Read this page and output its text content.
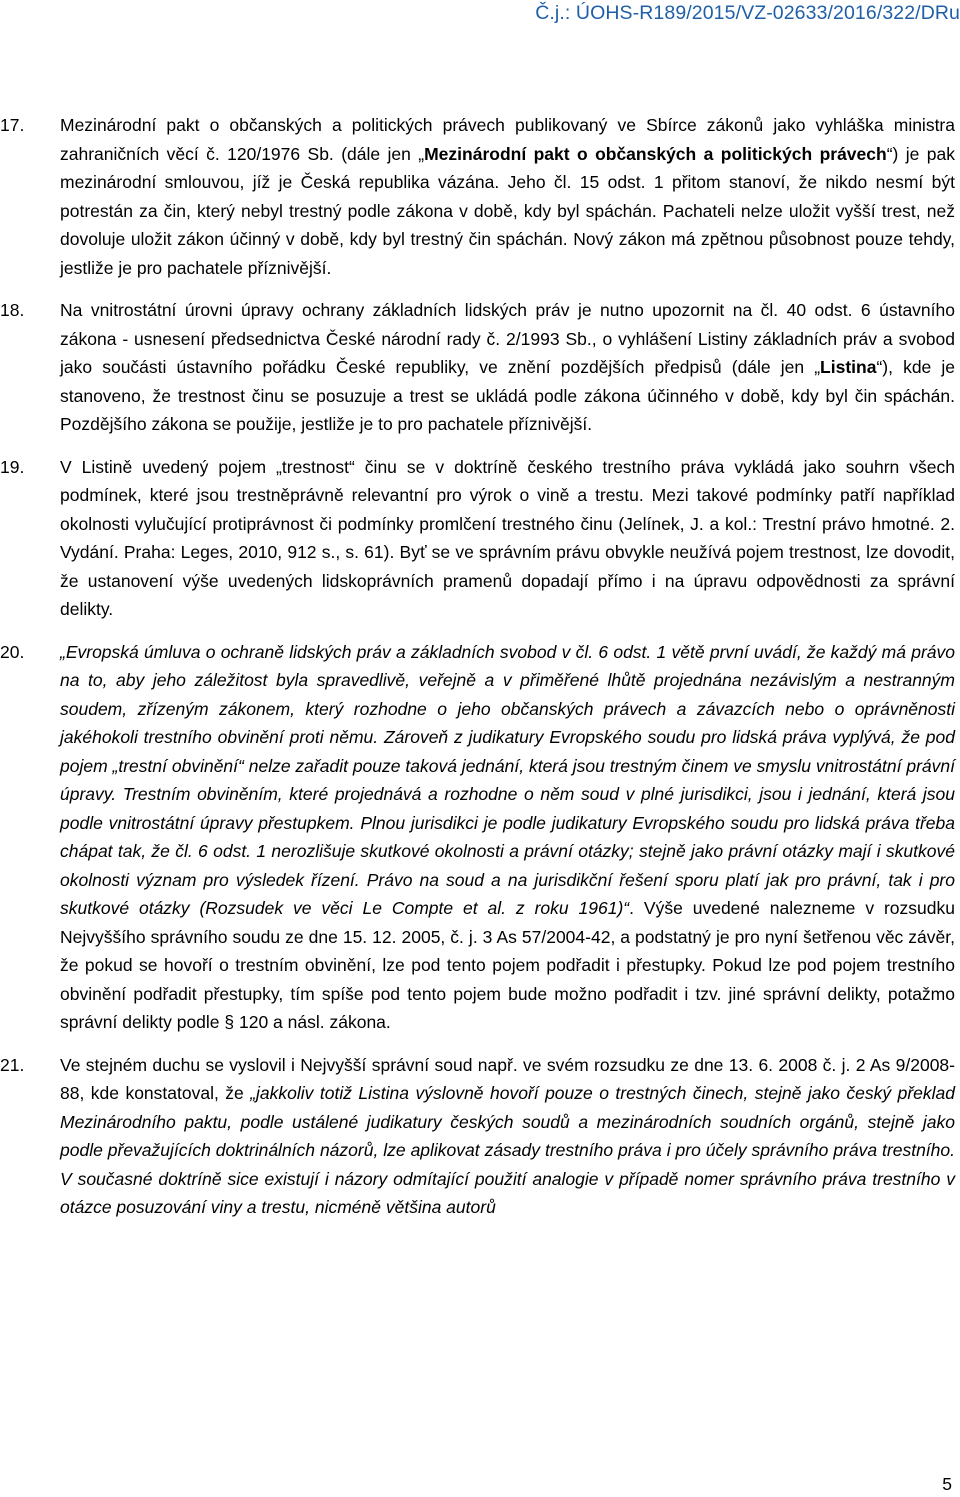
Č.j.: ÚOHS-R189/2015/VZ-02633/2016/322/DRu
17. Mezinárodní pakt o občanských a politických právech publikovaný ve Sbírce zákonů jako vyhláška ministra zahraničních věcí č. 120/1976 Sb. (dále jen „Mezinárodní pakt o občanských a politických právech“) je pak mezinárodní smlouvou, jíž je Česká republika vázána. Jeho čl. 15 odst. 1 přitom stanoví, že nikdo nesmí být potrestán za čin, který nebyl trestný podle zákona v době, kdy byl spáchán. Pachateli nelze uložit vyšší trest, než dovoluje uložit zákon účinný v době, kdy byl trestný čin spáchán. Nový zákon má zpětnou působnost pouze tehdy, jestliže je pro pachatele příznivější.
18. Na vnitrostátní úrovni úpravy ochrany základních lidských práv je nutno upozornit na čl. 40 odst. 6 ústavního zákona - usnesení předsednictva České národní rady č. 2/1993 Sb., o vyhlášení Listiny základních práv a svobod jako součásti ústavního pořádku České republiky, ve znění pozdějších předpisů (dále jen „Listina“), kde je stanoveno, že trestnost činu se posuzuje a trest se ukládá podle zákona účinného v době, kdy byl čin spáchán. Pozdějšího zákona se použije, jestliže je to pro pachatele příznivější.
19. V Listině uvedený pojem „trestnost“ činu se v doktríně českého trestního práva vykládá jako souhrn všech podmínek, které jsou trestněprávně relevantní pro výrok o vině a trestu. Mezi takové podmínky patří například okolnosti vylučující protiprávnost či podmínky promlčení trestného činu (Jelínek, J. a kol.: Trestní právo hmotné. 2. Vydání. Praha: Leges, 2010, 912 s., s. 61). Byť se ve správním právu obvykle neužívá pojem trestnost, lze dovodit, že ustanovení výše uvedených lidskoprávních pramenů dopadají přímo i na úpravu odpovědnosti za správní delikty.
20. „Evropská úmluva o ochraně lidských práv a základních svobod v čl. 6 odst. 1 větě první uvádí, že každý má právo na to, aby jeho záležitost byla spravedlivě, veřejně a v přiměřené lhůtě projednána nezávislým a nestranným soudem, zřízeným zákonem, který rozhodne o jeho občanských právech a závazcích nebo o oprávněnosti jakéhokoli trestního obvinění proti němu. Zároveň z judikatury Evropského soudu pro lidská práva vyplývá, že pod pojem „trestní obvinění“ nelze zařadit pouze taková jednání, která jsou trestným činem ve smyslu vnitrostátní právní úpravy. Trestním obviněním, které projednává a rozhodne o něm soud v plné jurisdikci, jsou i jednání, která jsou podle vnitrostátní úpravy přestupkem. Plnou jurisdikci je podle judikatury Evropského soudu pro lidská práva třeba chápat tak, že čl. 6 odst. 1 nerozlišuje skutkové okolnosti a právní otázky; stejně jako právní otázky mají i skutkové okolnosti význam pro výsledek řízení. Právo na soud a na jurisdikční řešení sporu platí jak pro právní, tak i pro skutkové otázky (Rozsudek ve věci Le Compte et al. z roku 1961)“. Výše uvedené nalezneme v rozsudku Nejvyššího správního soudu ze dne 15. 12. 2005, č. j. 3 As 57/2004-42, a podstatný je pro nyní šetřenou věc závěr, že pokud se hovoří o trestním obvinění, lze pod tento pojem podřadit i přestupky. Pokud lze pod pojem trestního obvinění podřadit přestupky, tím spíše pod tento pojem bude možno podřadit i tzv. jiné správní delikty, potažmo správní delikty podle § 120 a násl. zákona.
21. Ve stejném duchu se vyslovil i Nejvyšší správní soud např. ve svém rozsudku ze dne 13. 6. 2008 č. j. 2 As 9/2008-88, kde konstatoval, že „jakkoliv totiž Listina výslovně hovoří pouze o trestných činech, stejně jako český překlad Mezinárodního paktu, podle ustálené judikatury českých soudů a mezinárodních soudních orgánů, stejně jako podle převažujících doktrinálních názorů, lze aplikovat zásady trestního práva i pro účely správního práva trestního. V současné doktríně sice existují i názory odmítající použití analogie v případě nomer správního práva trestního v otázce posuzování viny a trestu, nicméně většina autorů
5
